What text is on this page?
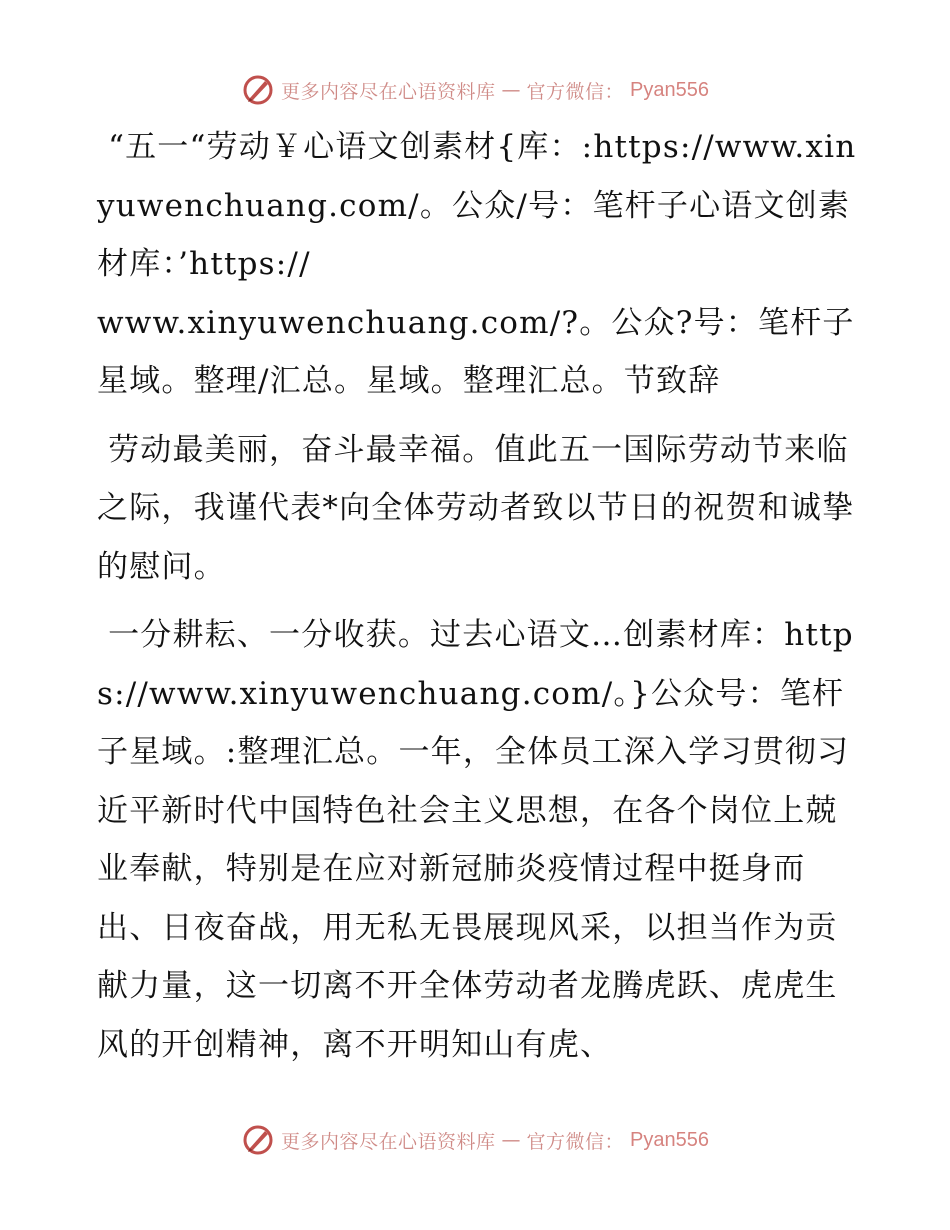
更多内容尽在心语资料库 — 官方微信： Pyan556

“五一“劳动￥心语文创素材{库：:https://www.xinyuwenchuang.com/。公众/号：笔杆子心语文创素材库：’https://
www.xinyuwenchuang.com/?。公众?号：笔杆子星域。整理/汇总。星域。整理汇总。节致辞

劳动最美丽，奋斗最幸福。值此五一国际劳动节来临之际，我谨代表*向全体劳动者致以节日的祝贺和诚挚的慰问。

一分耕耘、一分收获。过去心语文…创素材库：https://www.xinyuwenchuang.com/。}公众号：笔杆子星域。:整理汇总。一年，全体员工深入学习贯彻习近平新时代中国特色社会主义思想，在各个岗位上兢业奉献，特别是在应对新冠肺炎疫情过程中挺身而出、日夜奋战，用无私无畏展现风采，以担当作为贡献力量，这一切离不开全体劳动者龙腾虎跃、虎虎生风的开创精神，离不开明知山有虎、

更多内容尽在心语资料库 — 官方微信： Pyan556
